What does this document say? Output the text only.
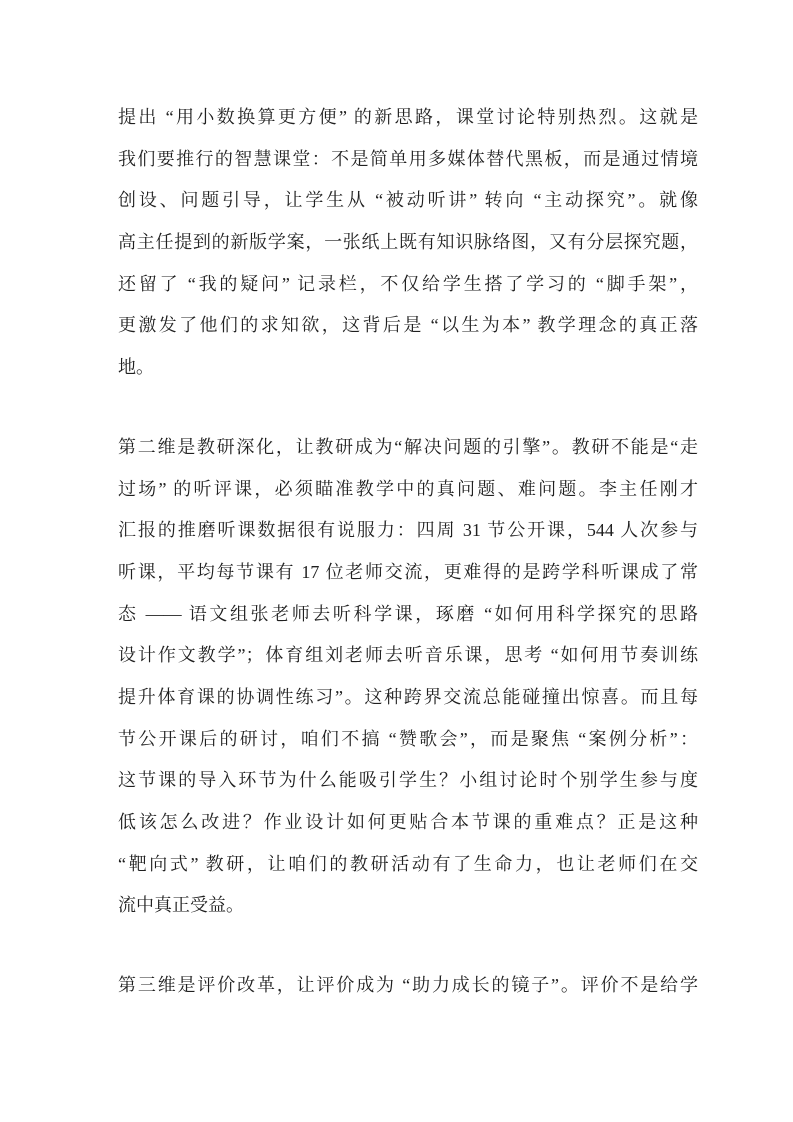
提出 “用小数换算更方便” 的新思路，课堂讨论特别热烈。这就是
我们要推行的智慧课堂：不是简单用多媒体替代黑板，而是通过情境
创设、问题引导，让学生从 “被动听讲” 转向 “主动探究”。就像
高主任提到的新版学案，一张纸上既有知识脉络图，又有分层探究题，
还留了 “我的疑问” 记录栏，不仅给学生搭了学习的 “脚手架”，
更激发了他们的求知欲，这背后是 “以生为本” 教学理念的真正落
地。
第二维是教研深化，让教研成为“解决问题的引擎”。教研不能是“走
过场” 的听评课，必须瞄准教学中的真问题、难问题。李主任刚才
汇报的推磨听课数据很有说服力：四周 31 节公开课，544 人次参与
听课，平均每节课有 17 位老师交流，更难得的是跨学科听课成了常
态 —— 语文组张老师去听科学课，琢磨 “如何用科学探究的思路
设计作文教学”；体育组刘老师去听音乐课，思考 “如何用节奏训练
提升体育课的协调性练习”。这种跨界交流总能碰撞出惊喜。而且每
节公开课后的研讨，咱们不搞 “赞歌会”，而是聚焦 “案例分析”：
这节课的导入环节为什么能吸引学生？小组讨论时个别学生参与度
低该怎么改进？作业设计如何更贴合本节课的重难点？正是这种
“靶向式” 教研，让咱们的教研活动有了生命力，也让老师们在交
流中真正受益。
第三维是评价改革，让评价成为 “助力成长的镜子”。评价不是给学
